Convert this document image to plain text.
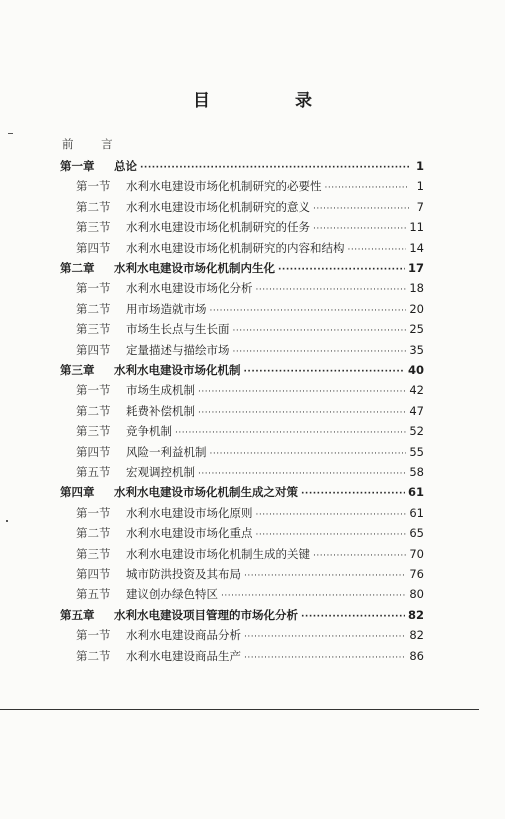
目　录
前 言
第一章	总论 ·····	1
第一节	水利水电建设市场化机制研究的必要性 ·····	1
第二节	水利水电建设市场化机制研究的意义 ·····	7
第三节	水利水电建设市场化机制研究的任务 ·····	11
第四节	水利水电建设市场化机制研究的内容和结构 ·····	14
第二章	水利水电建设市场化机制内生化 ·····	17
第一节	水利水电建设市场化分析 ·····	18
第二节	用市场造就市场 ·····	20
第三节	市场生长点与生长面 ·····	25
第四节	定量描述与描绘市场 ·····	35
第三章	水利水电建设市场化机制 ·····	40
第一节	市场生成机制 ·····	42
第二节	耗费补偿机制 ·····	47
第三节	竞争机制 ·····	52
第四节	风险一利益机制 ·····	55
第五节	宏观调控机制 ·····	58
第四章	水利水电建设市场化机制生成之对策 ·····	61
第一节	水利水电建设市场化原则 ·····	61
第二节	水利水电建设市场化重点 ·····	65
第三节	水利水电建设市场化机制生成的关键 ·····	70
第四节	城市防洪投资及其布局 ·····	76
第五节	建议创办绿色特区 ·····	80
第五章	水利水电建设项目管理的市场化分析 ·····	82
第一节	水利水电建设商品分析 ·····	82
第二节	水利水电建设商品生产 ·····	86
